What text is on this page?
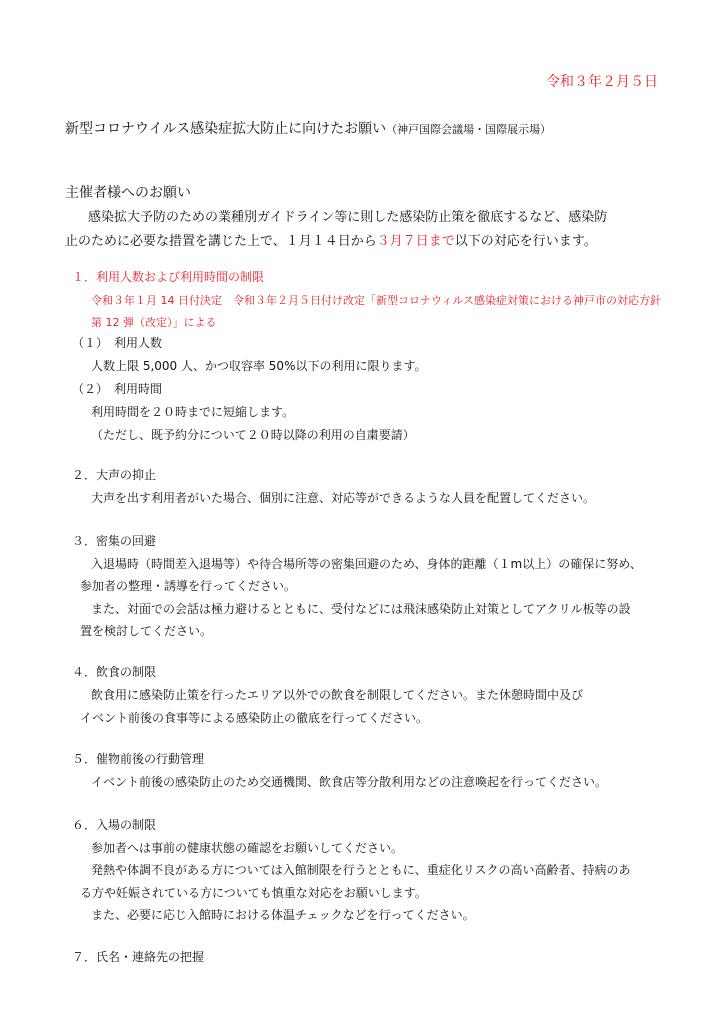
令和３年２月５日
新型コロナウイルス感染症拡大防止に向けたお願い（神戸国際会議場・国際展示場）
主催者様へのお願い
感染拡大予防のための業種別ガイドライン等に則した感染防止策を徹底するなど、感染防
止のために必要な措置を講じた上で、１月１４日から３月７日まで以下の対応を行います。
１．利用人数および利用時間の制限
令和３年１月 14 日付決定　令和３年２月５日付け改定「新型コロナウィルス感染症対策における神戸市の対応方針
第 12 弾（改定）」による
（１）　利用人数
人数上限 5,000 人、かつ収容率 50%以下の利用に限ります。
（２）　利用時間
利用時間を２０時までに短縮します。
（ただし、既予約分について２０時以降の利用の自粛要請）
２．大声の抑止
大声を出す利用者がいた場合、個別に注意、対応等ができるような人員を配置してください。
３．密集の回避
入退場時（時間差入退場等）や待合場所等の密集回避のため、身体的距離（１m以上）の確保に努め、
参加者の整理・誘導を行ってください。
また、対面での会話は極力避けるとともに、受付などには飛沫感染防止対策としてアクリル板等の設
置を検討してください。
４．飲食の制限
飲食用に感染防止策を行ったエリア以外での飲食を制限してください。また休憩時間中及び
イベント前後の食事等による感染防止の徹底を行ってください。
５．催物前後の行動管理
イベント前後の感染防止のため交通機関、飲食店等分散利用などの注意喚起を行ってください。
６．入場の制限
参加者へは事前の健康状態の確認をお願いしてください。
発熱や体調不良がある方については入館制限を行うとともに、重症化リスクの高い高齢者、持病のあ
る方や妊娠されている方についても慎重な対応をお願いします。
また、必要に応じ入館時における体温チェックなどを行ってください。
７．氏名・連絡先の把握
